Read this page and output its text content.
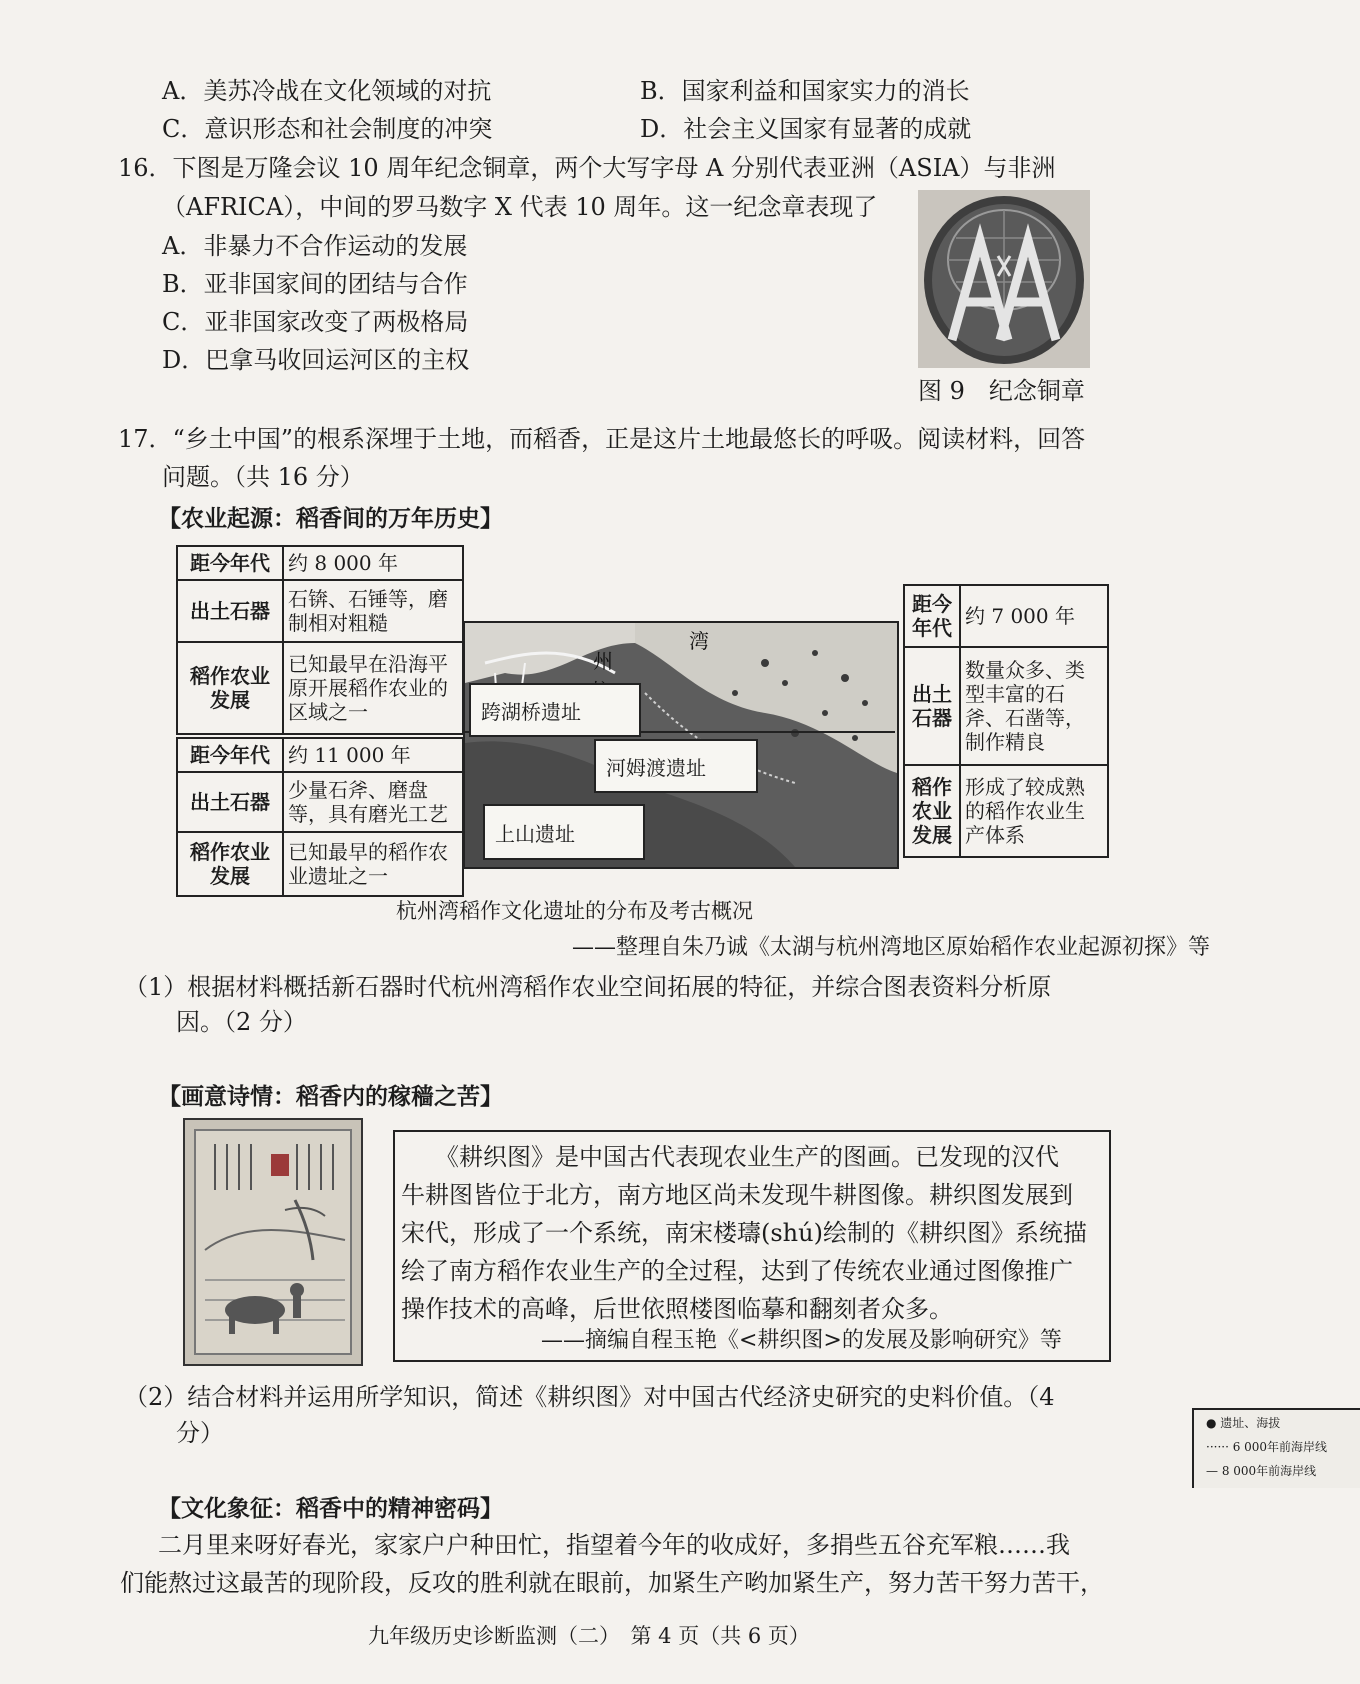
A．美苏冷战在文化领域的对抗	B．国家利益和国家实力的消长
C．意识形态和社会制度的冲突	D．社会主义国家有显著的成就
16．下图是万隆会议 10 周年纪念铜章，两个大写字母 A 分别代表亚洲（ASIA）与非洲
（AFRICA），中间的罗马数字 X 代表 10 周年。这一纪念章表现了
A．非暴力不合作运动的发展
B．亚非国家间的团结与合作
C．亚非国家改变了两极格局
D．巴拿马收回运河区的主权
图 9　纪念铜章
17．“乡土中国”的根系深埋于土地，而稻香，正是这片土地最悠长的呼吸。阅读材料，回答
问题。（共 16 分）
【农业起源：稻香间的万年历史】
距今年代	约 8 000 年
出土石器	石锛、石锤等，磨制相对粗糙
稻作农业发展	已知最早在沿海平原开展稻作农业的区域之一
距今年代	约 11 000 年
出土石器	少量石斧、磨盘等，具有磨光工艺
稻作农业发展	已知最早的稻作农业遗址之一
湾
州
● 遗址、海拔
······ 6 000年前海岸线
— 8 000年前海岸线
跨湖桥遗址
河姆渡遗址
上山遗址
距今年代	约 7 000 年
出土石器	数量众多、类型丰富的石斧、石凿等，制作精良
稻作农业发展	形成了较成熟的稻作农业生产体系
杭州湾稻作文化遗址的分布及考古概况
——整理自朱乃诚《太湖与杭州湾地区原始稻作农业起源初探》等
（1）根据材料概括新石器时代杭州湾稻作农业空间拓展的特征，并综合图表资料分析原
因。（2 分）
【画意诗情：稻香内的稼穑之苦】
《耕织图》是中国古代表现农业生产的图画。已发现的汉代
牛耕图皆位于北方，南方地区尚未发现牛耕图像。耕织图发展到
宋代，形成了一个系统，南宋楼璹(shú)绘制的《耕织图》系统描
绘了南方稻作农业生产的全过程，达到了传统农业通过图像推广
操作技术的高峰，后世依照楼图临摹和翻刻者众多。
——摘编自程玉艳《<耕织图>的发展及影响研究》等
（2）结合材料并运用所学知识，简述《耕织图》对中国古代经济史研究的史料价值。（4
分）
【文化象征：稻香中的精神密码】
二月里来呀好春光，家家户户种田忙，指望着今年的收成好，多捐些五谷充军粮……我
们能熬过这最苦的现阶段，反攻的胜利就在眼前，加紧生产哟加紧生产，努力苦干努力苦干，
九年级历史诊断监测（二）　第 4 页（共 6 页）
